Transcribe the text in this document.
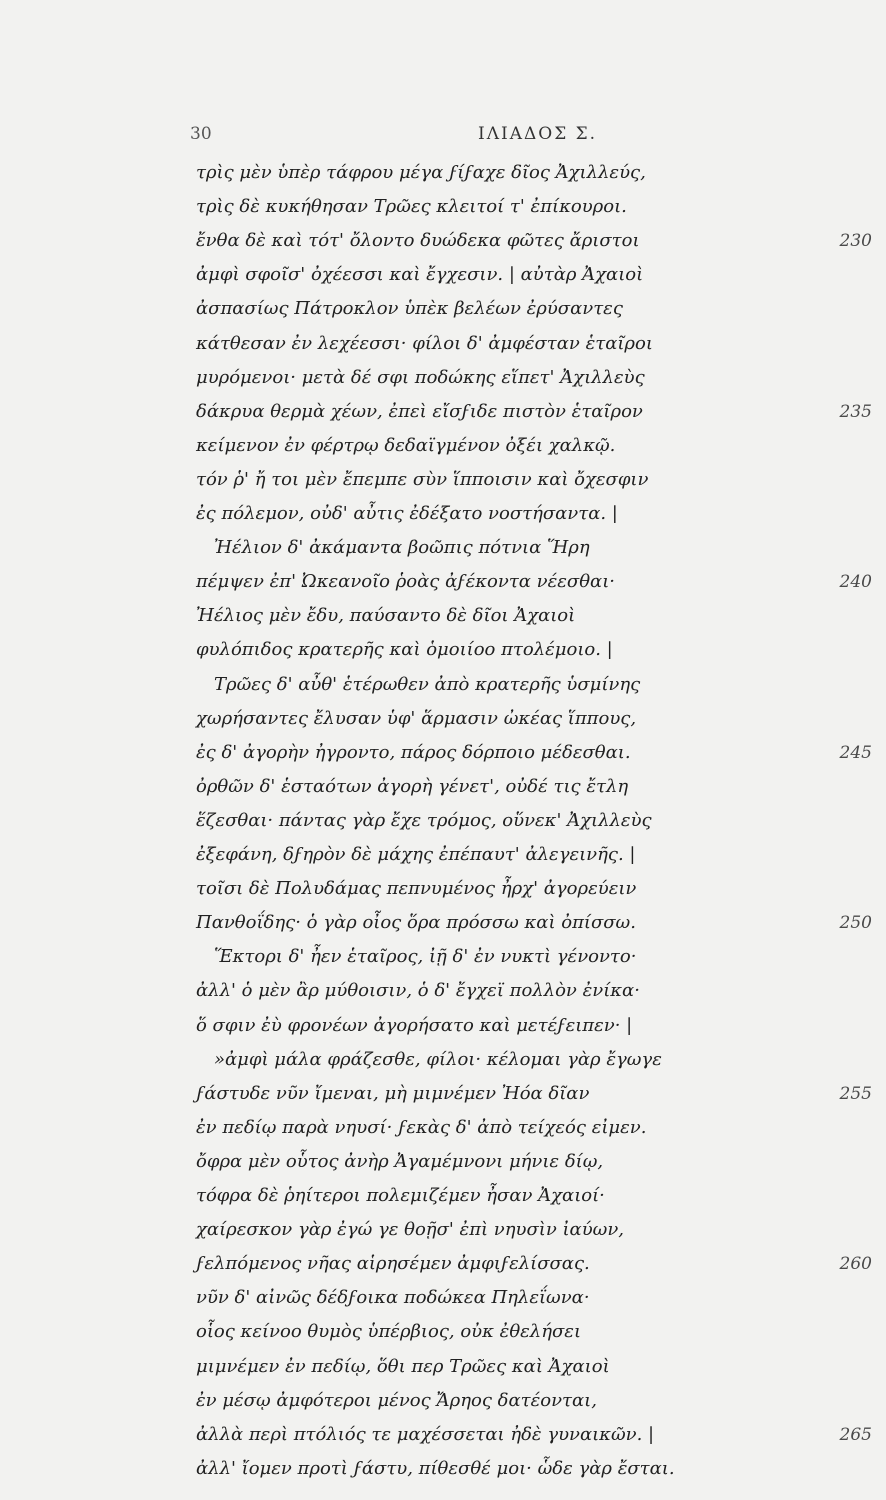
30	ΙΛΙΑΔΟΣ Σ.
τρὶς μὲν ὑπὲρ τάφρου μέγα ϝίϝαχε δῖος Ἀχιλλεύς,
τρὶς δὲ κυκήθησαν Τρῶες κλειτοί τ' ἐπίκουροι.
ἔνθα δὲ καὶ τότ' ὄλοντο δυώδεκα φῶτες ἄριστοι	230
ἀμφὶ σφοῖσ' ὀχέεσσι καὶ ἔγχεσιν. | αὐτὰρ Ἀχαιοὶ
ἀσπασίως Πάτροκλον ὑπὲκ βελέων ἐρύσαντες
κάτθεσαν ἐν λεχέεσσι· φίλοι δ' ἀμφέσταν ἑταῖροι
μυρόμενοι· μετὰ δέ σφι ποδώκης εἵπετ' Ἀχιλλεὺς
δάκρυα θερμὰ χέων, ἐπεὶ εἴσϝιδε πιστὸν ἑταῖρον	235
κείμενον ἐν φέρτρῳ δεδαϊγμένον ὀξέι χαλκῷ.
τόν ῥ' ἤ τοι μὲν ἔπεμπε σὺν ἵπποισιν καὶ ὄχεσφιν
ἐς πόλεμον, οὐδ' αὖτις ἐδέξατο νοστήσαντα. |
Ἠέλιον δ' ἀκάμαντα βοῶπις πότνια Ἥρη
πέμψεν ἐπ' Ὠκεανοῖο ῥοὰς ἀϝέκοντα νέεσθαι·	240
Ἠέλιος μὲν ἔδυ, παύσαντο δὲ δῖοι Ἀχαιοὶ
φυλόπιδος κρατερῆς καὶ ὁμοιίοο πτολέμοιο. |
Τρῶες δ' αὖθ' ἑτέρωθεν ἀπὸ κρατερῆς ὑσμίνης
χωρήσαντες ἔλυσαν ὑφ' ἅρμασιν ὠκέας ἵππους,
ἐς δ' ἀγορὴν ἠγροντο, πάρος δόρποιο μέδεσθαι.	245
ὀρθῶν δ' ἑσταότων ἀγορὴ γένετ', οὐδέ τις ἔτλη
ἕζεσθαι· πάντας γὰρ ἔχε τρόμος, οὕνεκ' Ἀχιλλεὺς
ἐξεφάνη, δϝηρὸν δὲ μάχης ἐπέπαυτ' ἀλεγεινῆς. |
τοῖσι δὲ Πολυδάμας πεπνυμένος ἦρχ' ἀγορεύειν
Πανθοΐδης· ὁ γὰρ οἶος ὅρα πρόσσω καὶ ὀπίσσω.	250
Ἕκτορι δ' ἦεν ἑταῖρος, ἰῇ δ' ἐν νυκτὶ γένοντο·
ἀλλ' ὁ μὲν ἂρ μύθοισιν, ὁ δ' ἔγχεϊ πολλὸν ἐνίκα·
ὅ σφιν ἐὺ φρονέων ἀγορήσατο καὶ μετέϝειπεν· |
»ἀμφὶ μάλα φράζεσθε, φίλοι· κέλομαι γὰρ ἔγωγε
ϝάστυδε νῦν ἴμεναι, μὴ μιμνέμεν Ἠόα δῖαν	255
ἐν πεδίῳ παρὰ νηυσί· ϝεκὰς δ' ἀπὸ τείχεός εἰμεν.
ὄφρα μὲν οὗτος ἀνὴρ Ἀγαμέμνονι μήνιε δίῳ,
τόφρα δὲ ῥηίτεροι πολεμιζέμεν ἦσαν Ἀχαιοί·
χαίρεσκον γὰρ ἐγώ γε θοῇσ' ἐπὶ νηυσὶν ἰαύων,
ϝελπόμενος νῆας αἱρησέμεν ἀμφιϝελίσσας.	260
νῦν δ' αἰνῶς δέδϝοικα ποδώκεα Πηλεΐωνα·
οἷος κείνοο θυμὸς ὑπέρβιος, οὐκ ἐθελήσει
μιμνέμεν ἐν πεδίῳ, ὅθι περ Τρῶες καὶ Ἀχαιοὶ
ἐν μέσῳ ἀμφότεροι μένος Ἄρηος δατέονται,
ἀλλὰ περὶ πτόλιός τε μαχέσσεται ἠδὲ γυναικῶν. |	265
ἀλλ' ἴομεν προτὶ ϝάστυ, πίθεσθέ μοι· ὧδε γὰρ ἔσται.
